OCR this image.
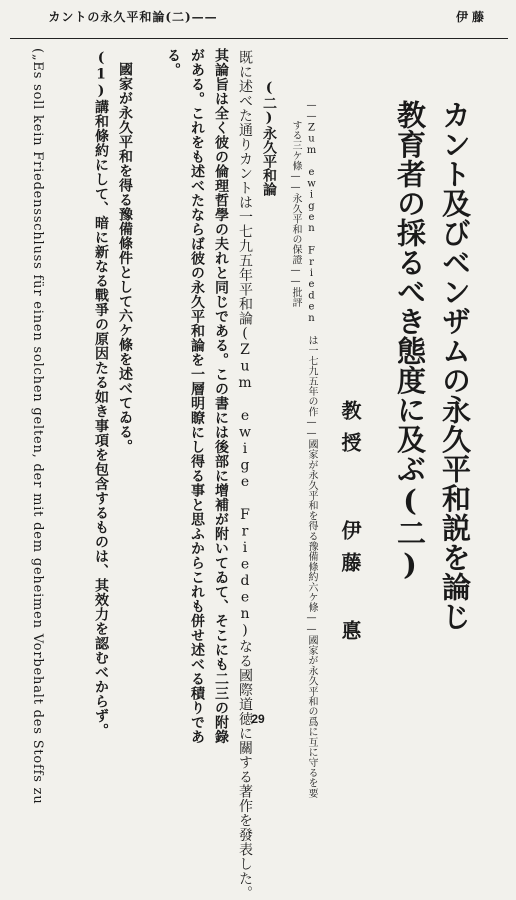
カントの永久平和論(二)——	伊藤
カント及びベンザムの永久平和説を論じ
教育者の採るべき態度に及ぶ(二)
教授
伊藤 悳
——Zum ewigen Frieden は一七九五年の作——國家が永久平和を得る豫備條約六ケ條——國家が永久平和の爲に互に守るを要
する三ケ條——永久平和の保證——批評
(二)永久平和論
既に述べた通りカントは一七九五年平和論(Zum ewige Frieden)なる國際道徳に關する著作を發表した。
其論旨は全く彼の倫理哲學の夫れと同じである。この書には後部に增補が附いてゐて、そこにも二三の附錄
がある。これをも述べたならば彼の永久平和論を一層明瞭にし得る事と思ふからこれも併せ述べる積りであ
る。
國家が永久平和を得る豫備條件として六ケ條を述べてゐる。
(1)講和條約にして、暗に新なる戰爭の原因たる如き事項を包含するものは、其效力を認むべからず。
(„Es soll kein Friedensschluss für einen solchen gelten, der mit dem geheimen Vorbehalt des Stoffs zu	29
